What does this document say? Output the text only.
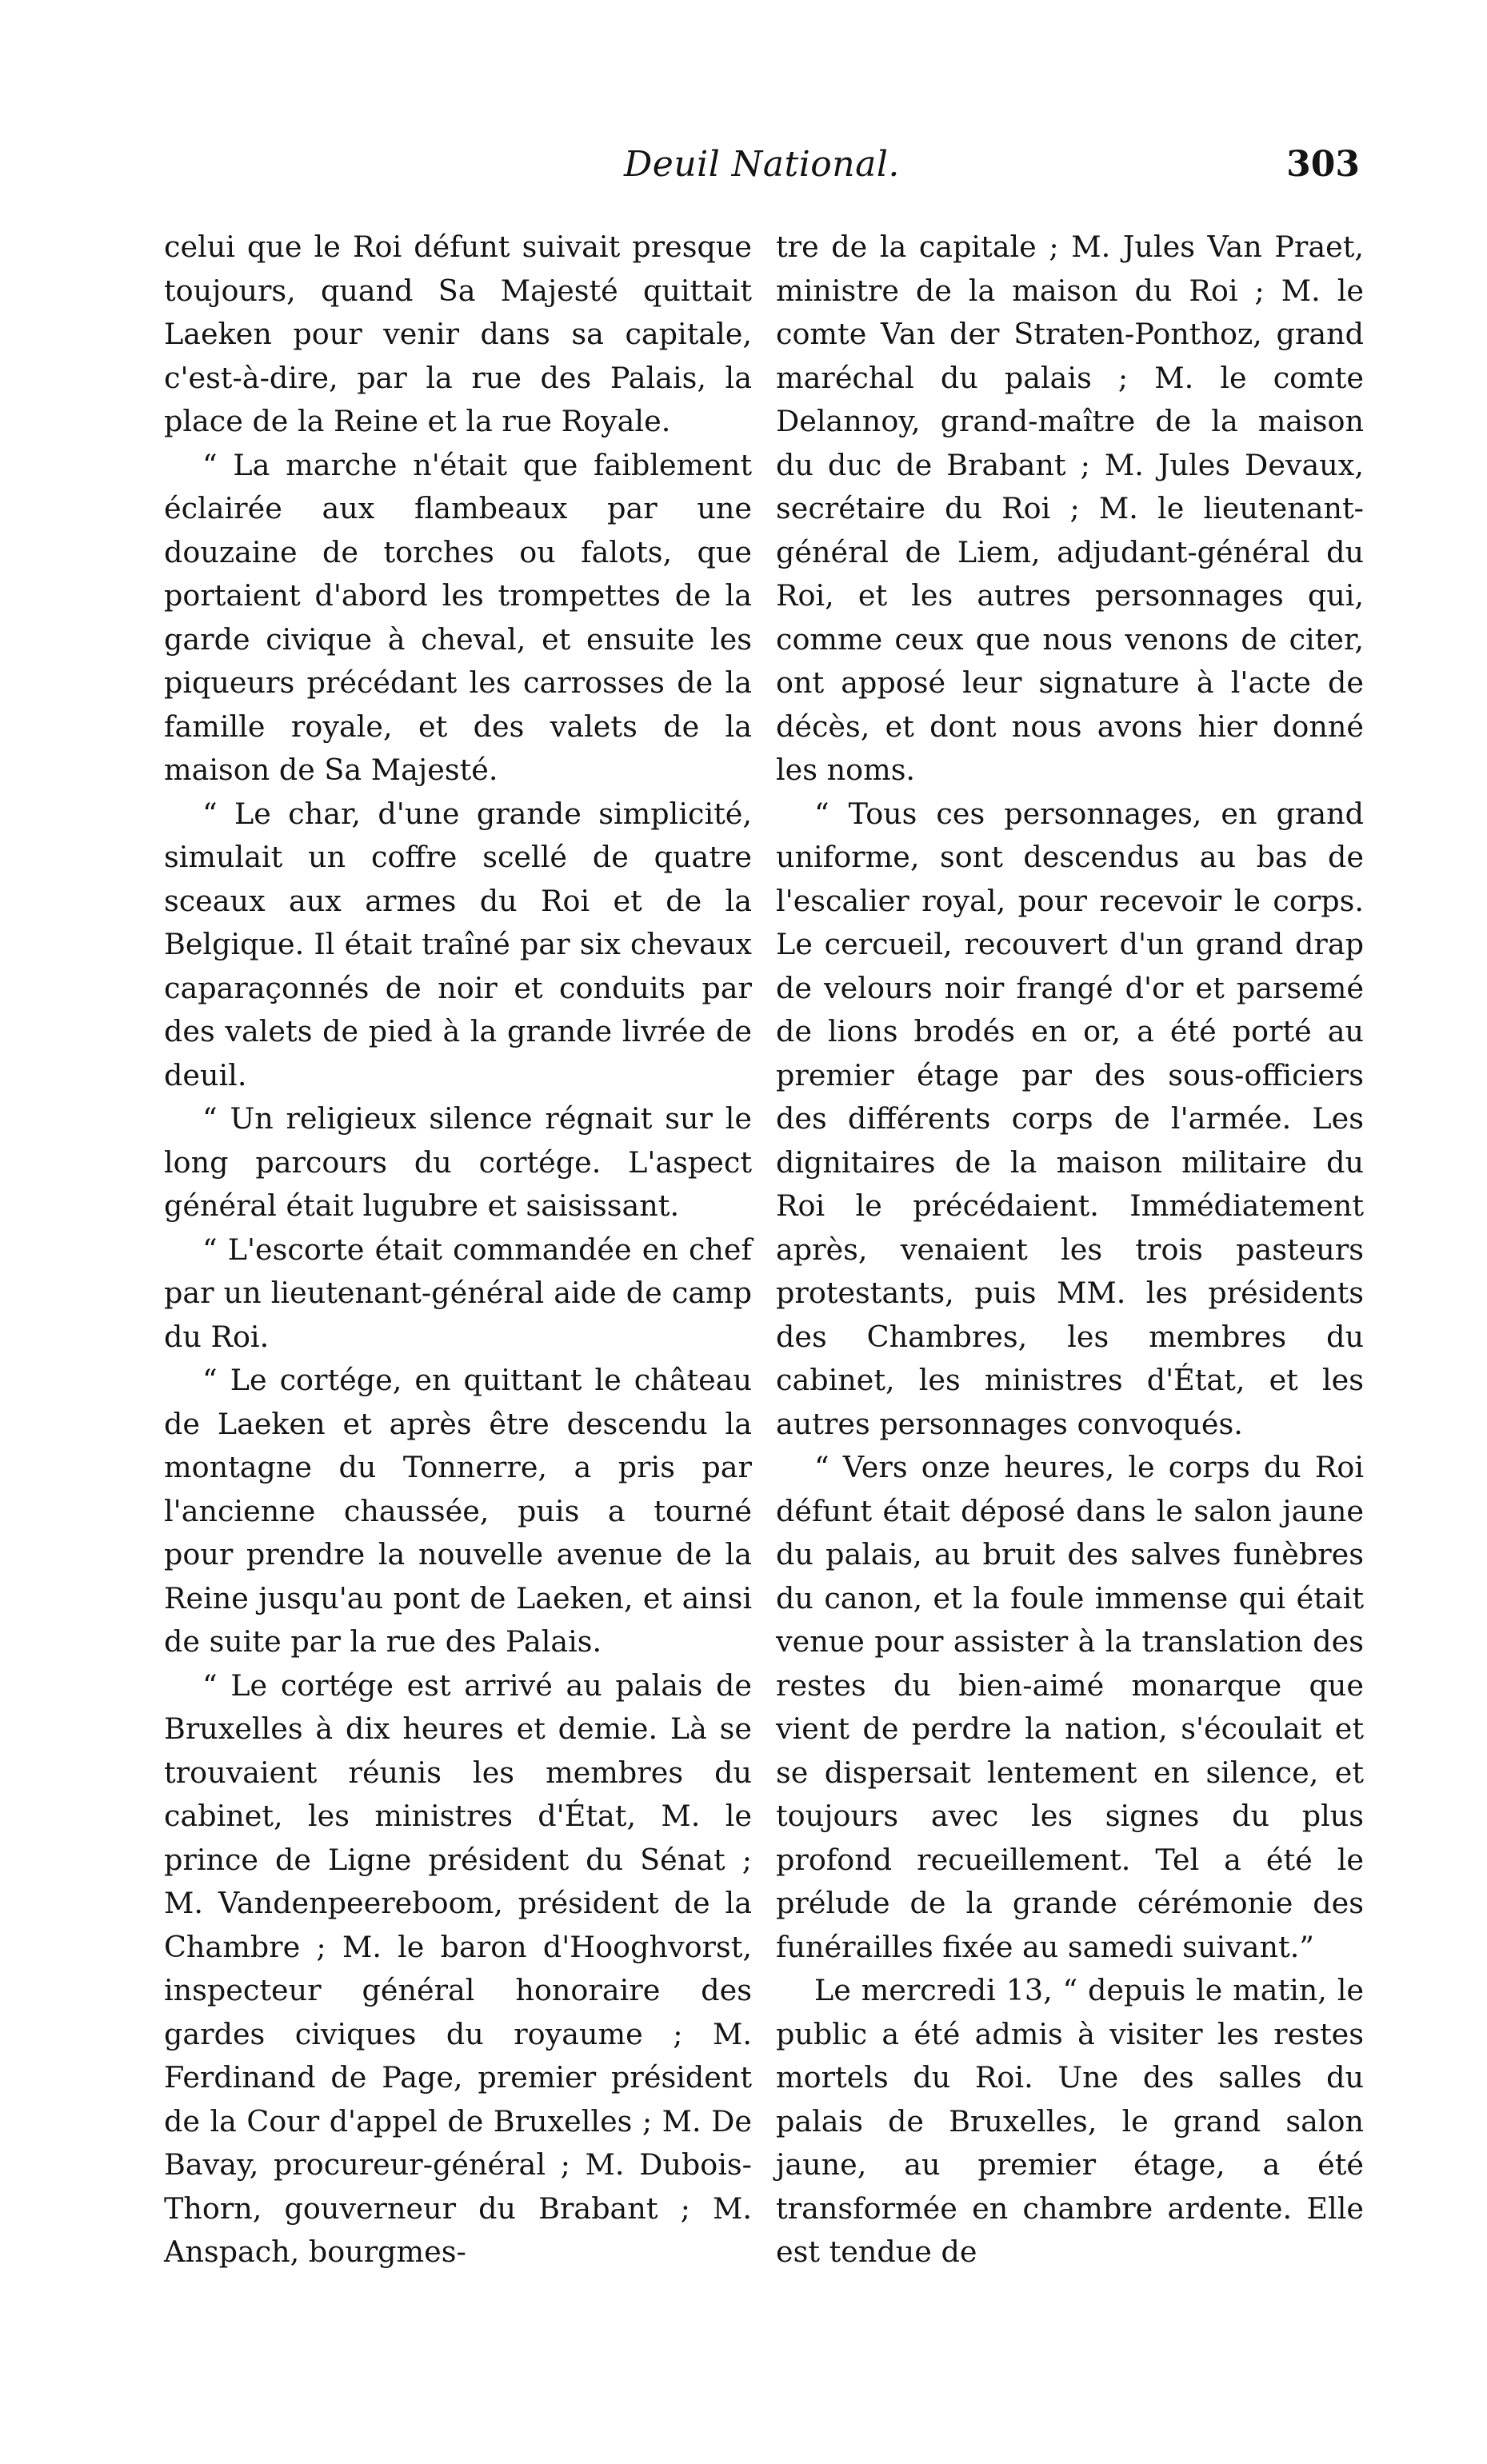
Deuil National.	303

celui que le Roi défunt suivait presque toujours, quand Sa Majesté quittait Laeken pour venir dans sa capitale, c'est-à-dire, par la rue des Palais, la place de la Reine et la rue Royale.

“ La marche n'était que faiblement éclairée aux flambeaux par une douzaine de torches ou falots, que portaient d'abord les trompettes de la garde civique à cheval, et ensuite les piqueurs précédant les carrosses de la famille royale, et des valets de la maison de Sa Majesté.

“ Le char, d'une grande simplicité, simulait un coffre scellé de quatre sceaux aux armes du Roi et de la Belgique. Il était traîné par six chevaux caparaçonnés de noir et conduits par des valets de pied à la grande livrée de deuil.

“ Un religieux silence régnait sur le long parcours du cortége. L'aspect général était lugubre et saisissant.

“ L'escorte était commandée en chef par un lieutenant-général aide de camp du Roi.

“ Le cortége, en quittant le château de Laeken et après être descendu la montagne du Tonnerre, a pris par l'ancienne chaussée, puis a tourné pour prendre la nouvelle avenue de la Reine jusqu'au pont de Laeken, et ainsi de suite par la rue des Palais.

“ Le cortége est arrivé au palais de Bruxelles à dix heures et demie. Là se trouvaient réunis les membres du cabinet, les ministres d'État, M. le prince de Ligne président du Sénat ; M. Vandenpeereboom, président de la Chambre ; M. le baron d'Hooghvorst, inspecteur général honoraire des gardes civiques du royaume ; M. Ferdinand de Page, premier président de la Cour d'appel de Bruxelles ; M. De Bavay, procureur-général ; M. Dubois-Thorn, gouverneur du Brabant ; M. Anspach, bourgmes-

tre de la capitale ; M. Jules Van Praet, ministre de la maison du Roi ; M. le comte Van der Straten-Ponthoz, grand maréchal du palais ; M. le comte Delannoy, grand-maître de la maison du duc de Brabant ; M. Jules Devaux, secrétaire du Roi ; M. le lieutenant-général de Liem, adjudant-général du Roi, et les autres personnages qui, comme ceux que nous venons de citer, ont apposé leur signature à l'acte de décès, et dont nous avons hier donné les noms.

“ Tous ces personnages, en grand uniforme, sont descendus au bas de l'escalier royal, pour recevoir le corps. Le cercueil, recouvert d'un grand drap de velours noir frangé d'or et parsemé de lions brodés en or, a été porté au premier étage par des sous-officiers des différents corps de l'armée. Les dignitaires de la maison militaire du Roi le précédaient. Immédiatement après, venaient les trois pasteurs protestants, puis MM. les présidents des Chambres, les membres du cabinet, les ministres d'État, et les autres personnages convoqués.

“ Vers onze heures, le corps du Roi défunt était déposé dans le salon jaune du palais, au bruit des salves funèbres du canon, et la foule immense qui était venue pour assister à la translation des restes du bien-aimé monarque que vient de perdre la nation, s'écoulait et se dispersait lentement en silence, et toujours avec les signes du plus profond recueillement. Tel a été le prélude de la grande cérémonie des funérailles fixée au samedi suivant.”

Le mercredi 13, “ depuis le matin, le public a été admis à visiter les restes mortels du Roi. Une des salles du palais de Bruxelles, le grand salon jaune, au premier étage, a été transformée en chambre ardente. Elle est tendue de
